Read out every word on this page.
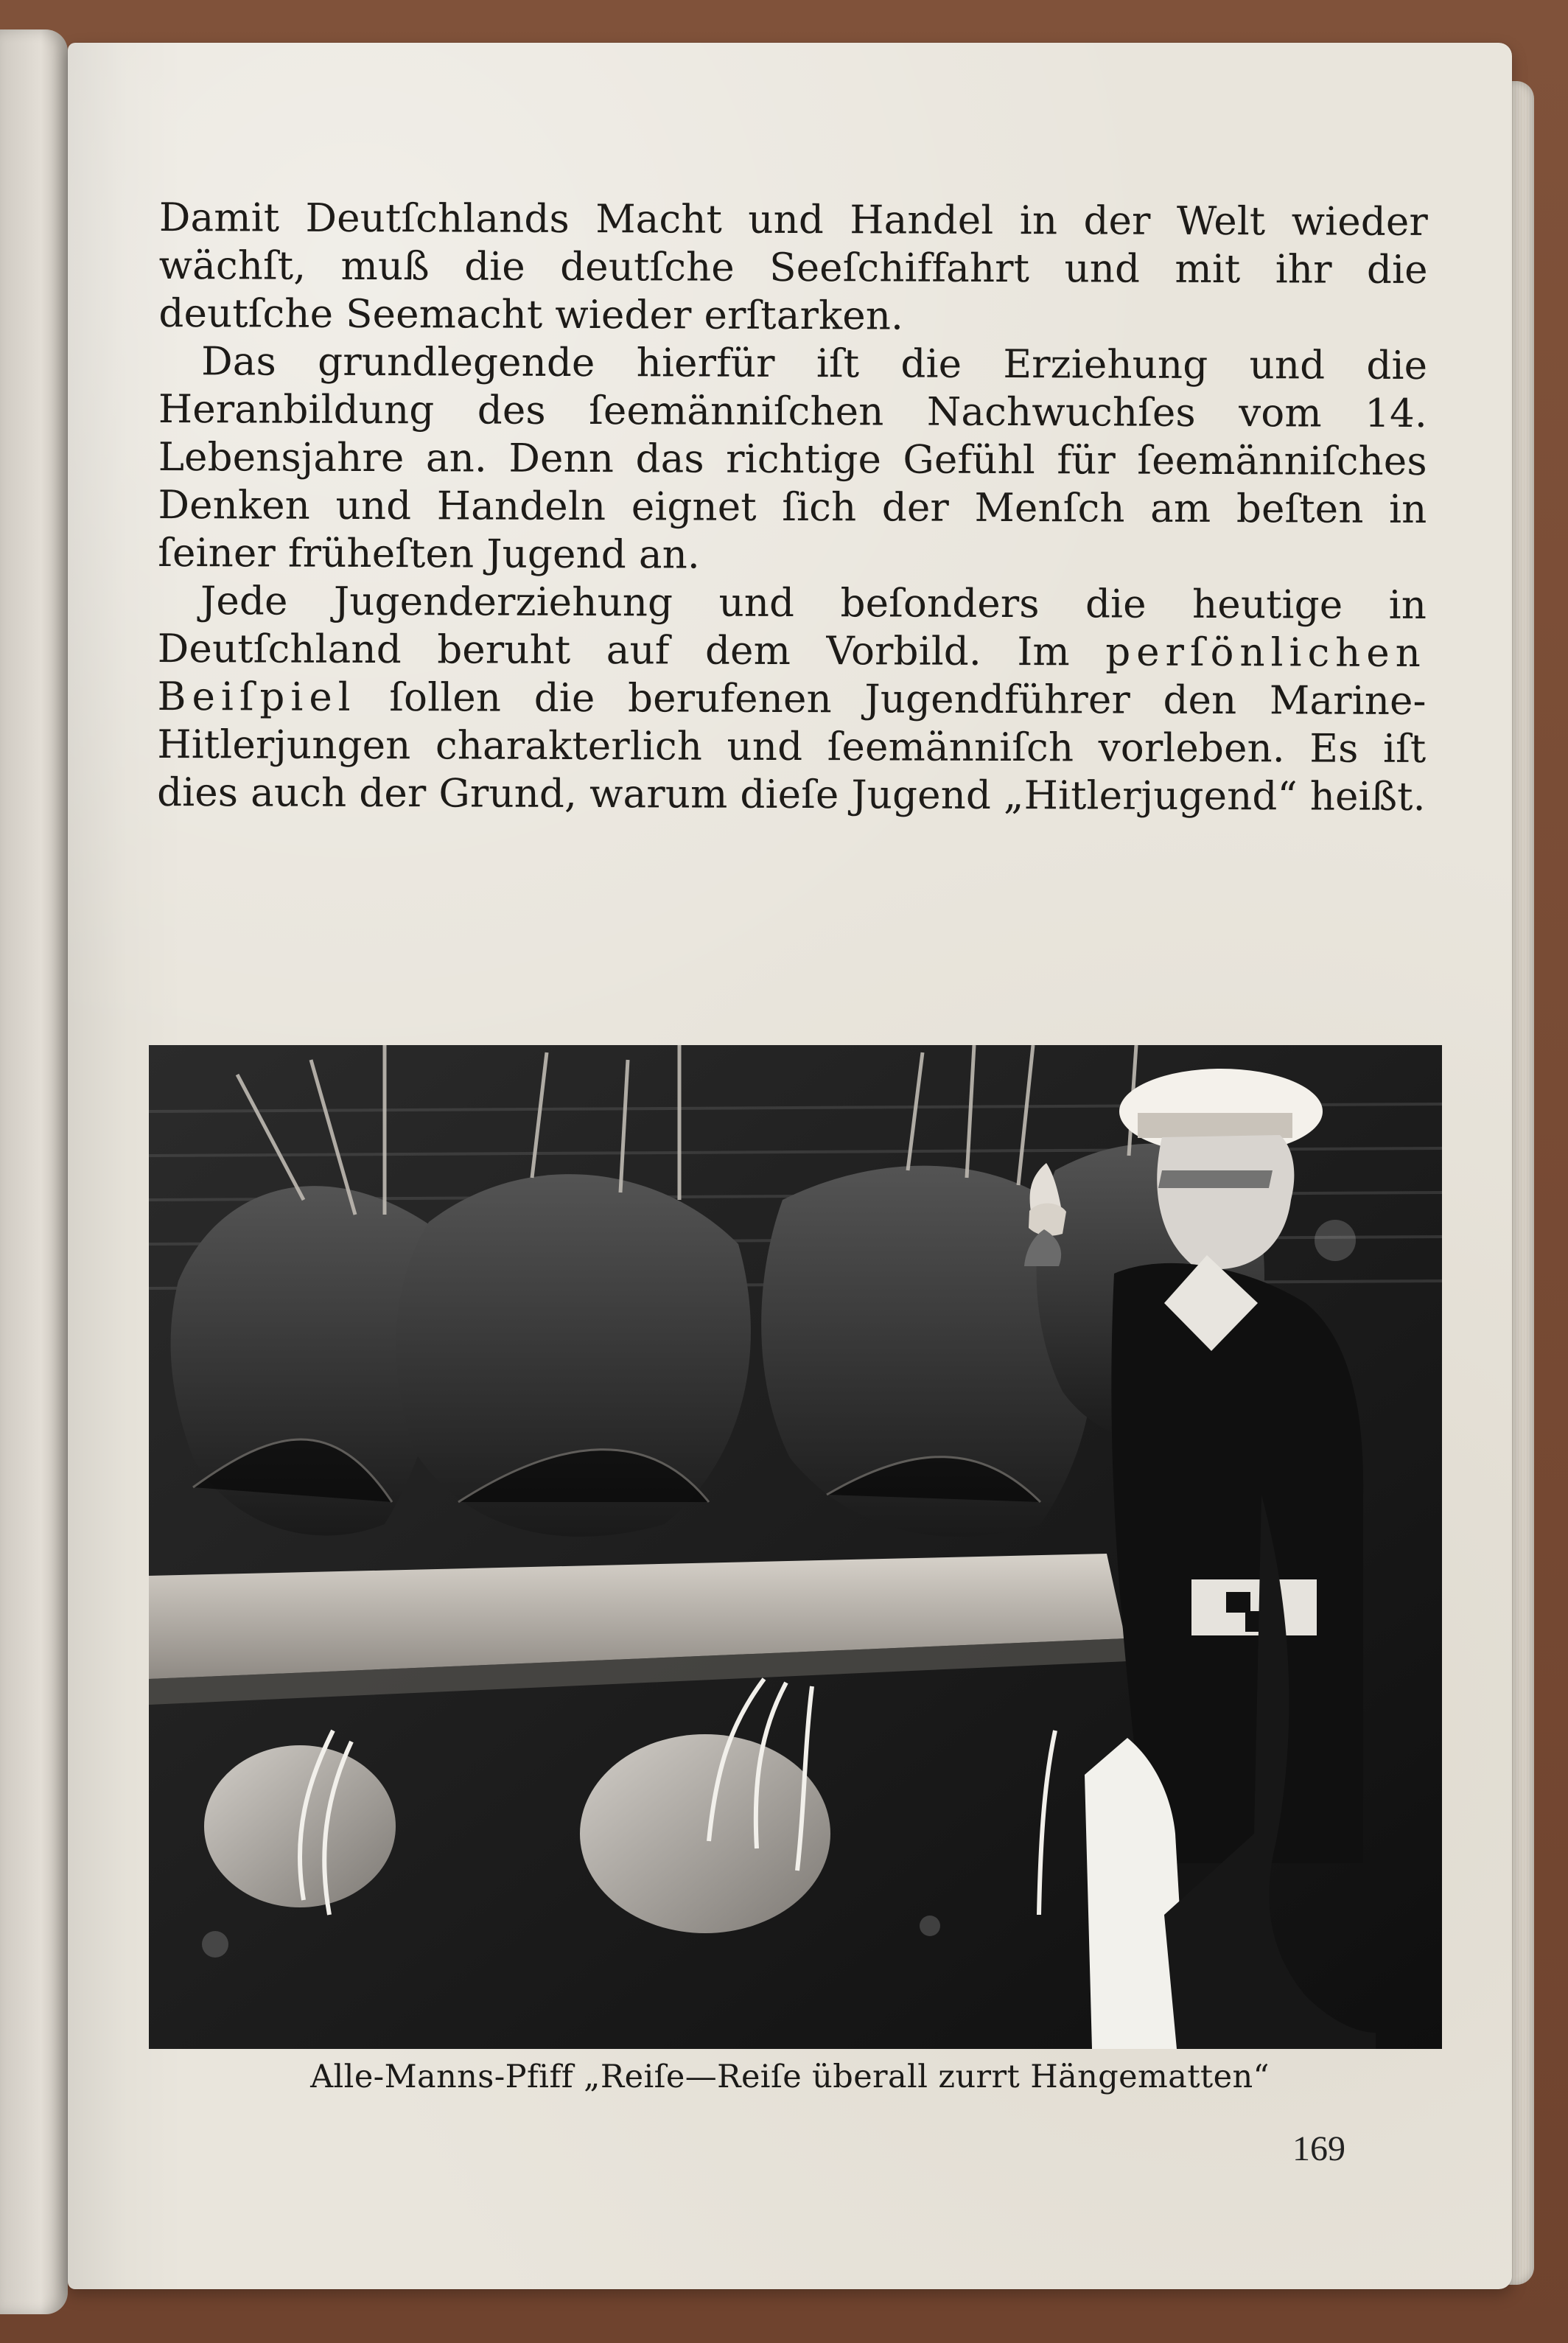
Damit Deutſchlands Macht und Handel in der Welt wieder wächſt, muß die deutſche Seeſchiffahrt und mit ihr die deutſche Seemacht wieder erſtarken.

Das grundlegende hierfür iſt die Erziehung und die Heranbildung des ſeemänniſchen Nachwuchſes vom 14. Lebensjahre an. Denn das richtige Gefühl für ſeemänniſches Denken und Handeln eignet ſich der Menſch am beſten in ſeiner früheſten Jugend an.

Jede Jugenderziehung und beſonders die heutige in Deutſchland beruht auf dem Vorbild. Im perſönlichen Beiſpiel ſollen die berufenen Jugendführer den Marine-Hitlerjungen charakterlich und ſeemänniſch vorleben. Es iſt dies auch der Grund, warum dieſe Jugend „Hitlerjugend“ heißt.

Alle-Manns-Pfiff „Reiſe—Reiſe überall zurrt Hängematten“
169
